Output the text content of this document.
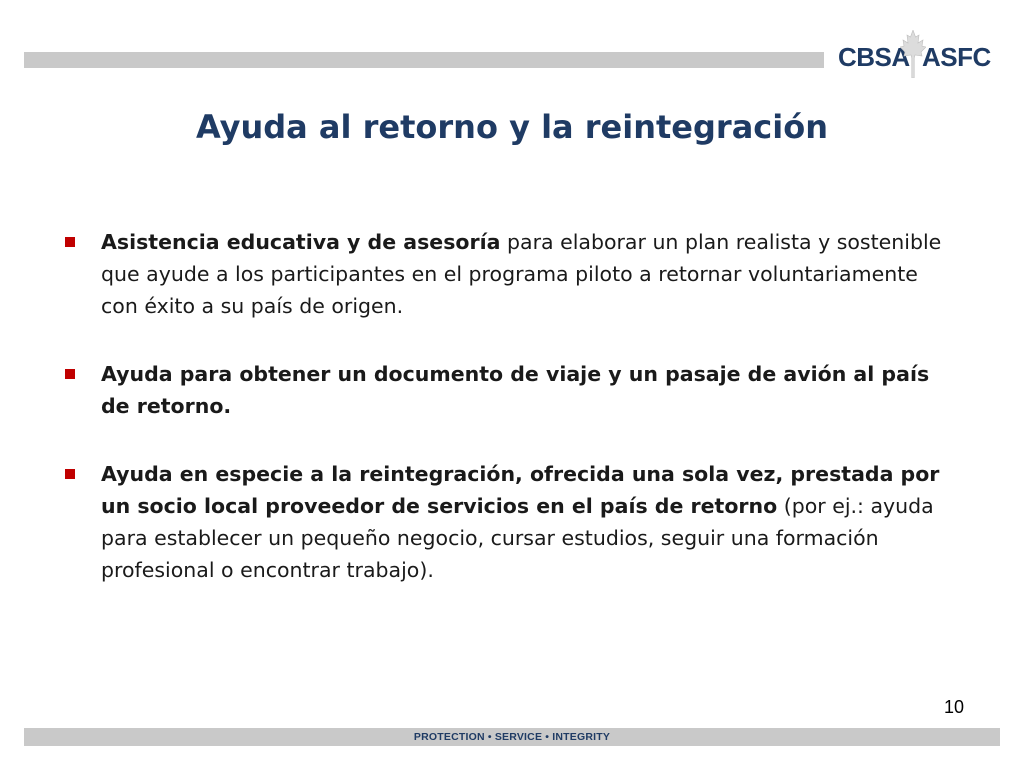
CBSA ASFC
Ayuda al retorno y la reintegración
Asistencia educativa y de asesoría para elaborar un plan realista y sostenible que ayude a los participantes en el programa piloto a retornar voluntariamente con éxito a su país de origen.
Ayuda para obtener un documento de viaje y un pasaje de avión al país de retorno.
Ayuda en especie a la reintegración, ofrecida una sola vez, prestada por un socio local proveedor de servicios en el país de retorno (por ej.: ayuda para establecer un pequeño negocio, cursar estudios, seguir una formación profesional o encontrar trabajo).
10
PROTECTION • SERVICE • INTEGRITY
